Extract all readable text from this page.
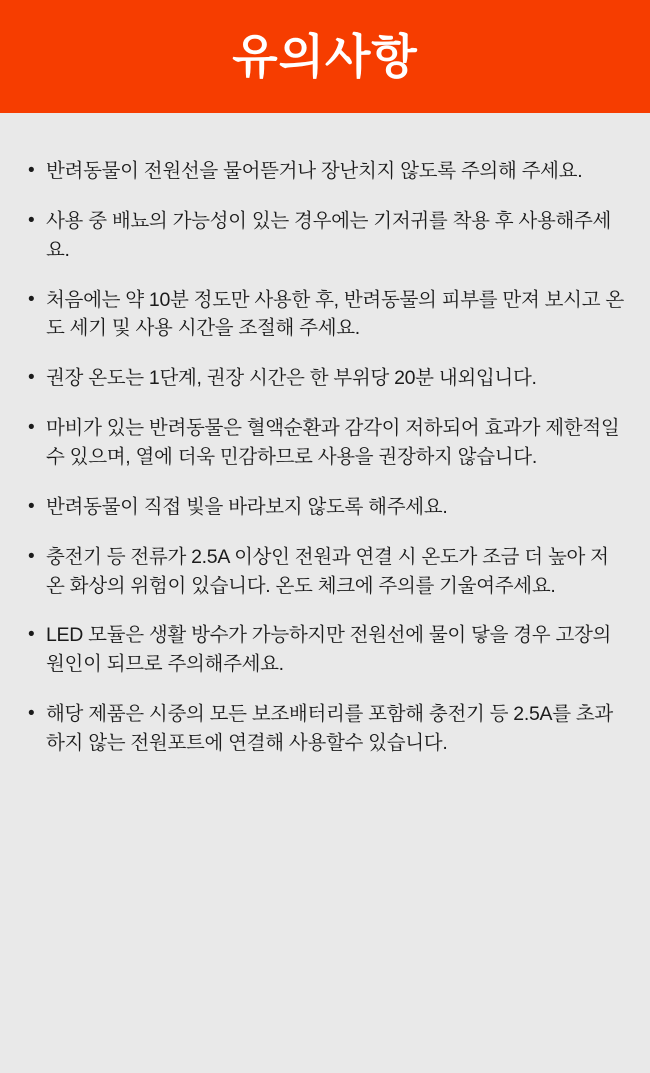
유의사항
• 반려동물이 전원선을 물어뜯거나 장난치지 않도록 주의해 주세요.
• 사용 중 배뇨의 가능성이 있는 경우에는 기저귀를 착용 후 사용해주세요.
• 처음에는 약 10분 정도만 사용한 후, 반려동물의 피부를 만져 보시고 온도 세기 및 사용 시간을 조절해 주세요.
• 권장 온도는 1단계, 권장 시간은 한 부위당 20분 내외입니다.
• 마비가 있는 반려동물은 혈액순환과 감각이 저하되어 효과가 제한적일 수 있으며, 열에 더욱 민감하므로 사용을 권장하지 않습니다.
• 반려동물이 직접 빛을 바라보지 않도록 해주세요.
• 충전기 등 전류가 2.5A 이상인 전원과 연결 시 온도가 조금 더 높아 저온 화상의 위험이 있습니다. 온도 체크에 주의를 기울여주세요.
• LED 모듈은 생활 방수가 가능하지만 전원선에 물이 닿을 경우 고장의 원인이 되므로 주의해주세요.
• 해당 제품은 시중의 모든 보조배터리를 포함해 충전기 등 2.5A를 초과하지 않는 전원포트에 연결해 사용할수 있습니다.
